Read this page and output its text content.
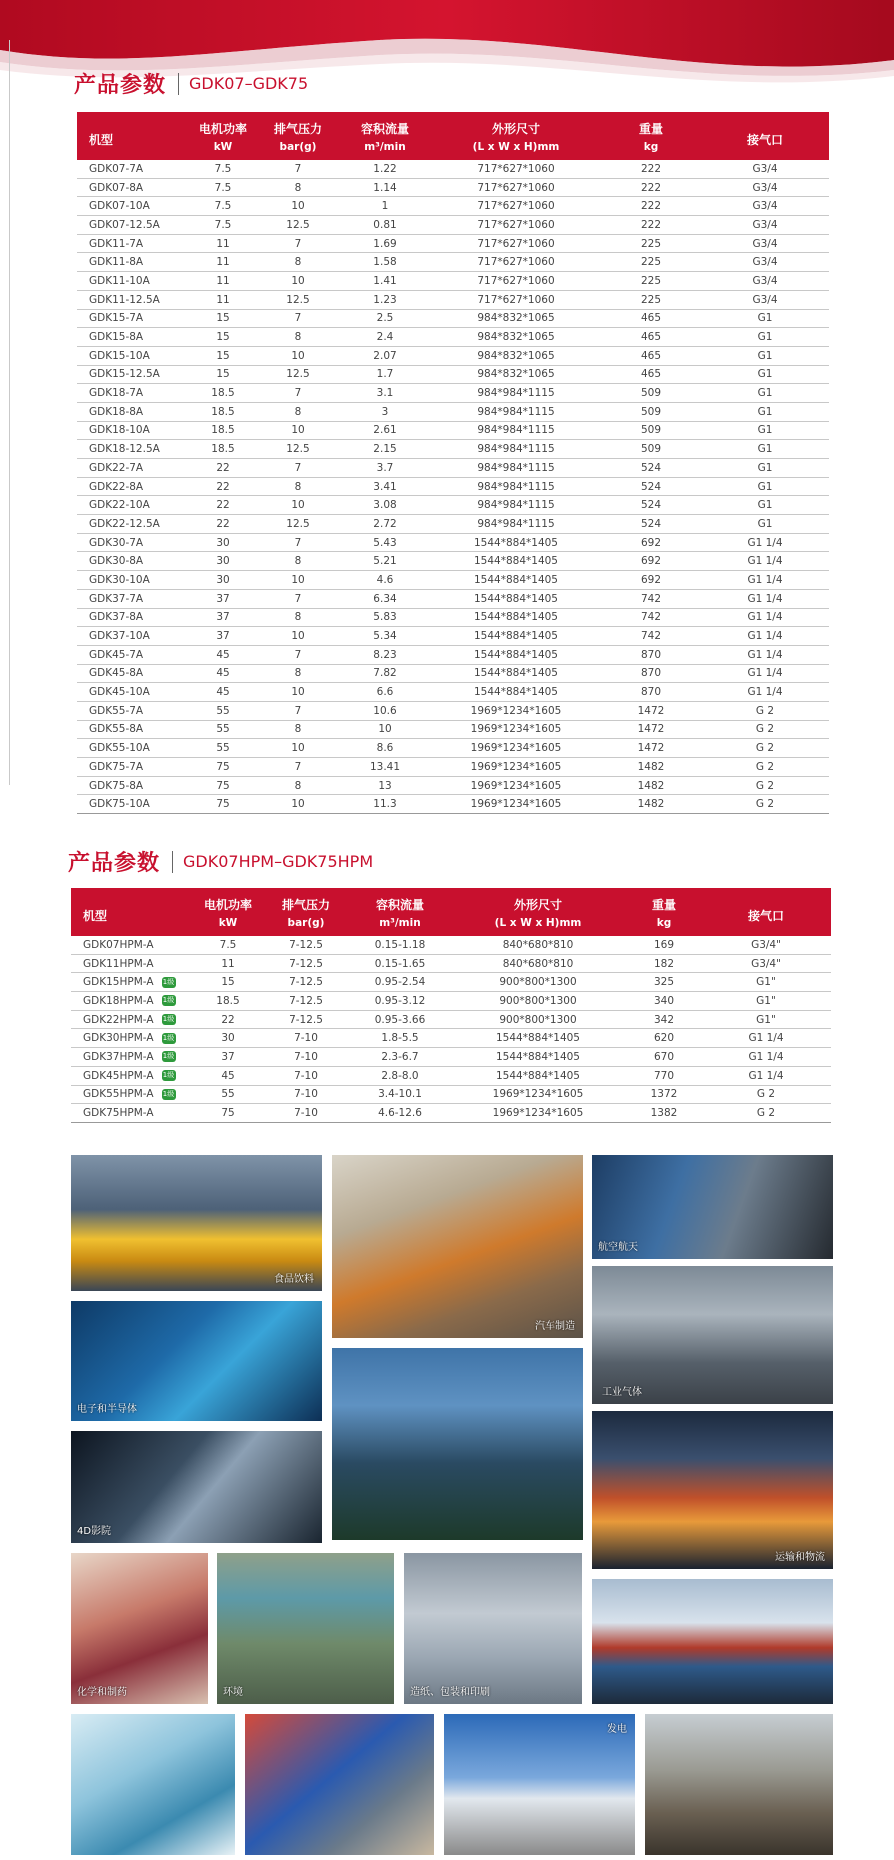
产品参数 GDK07–GDK75
机型	电机功率	排气压力	容积流量	外形尺寸	重量	接气口
	kW	bar(g)	m³/min	(L x W x H)mm	kg	
GDK07-7A	7.5	7	1.22	717*627*1060	222	G3/4
GDK07-8A	7.5	8	1.14	717*627*1060	222	G3/4
GDK07-10A	7.5	10	1	717*627*1060	222	G3/4
GDK07-12.5A	7.5	12.5	0.81	717*627*1060	222	G3/4
GDK11-7A	11	7	1.69	717*627*1060	225	G3/4
GDK11-8A	11	8	1.58	717*627*1060	225	G3/4
GDK11-10A	11	10	1.41	717*627*1060	225	G3/4
GDK11-12.5A	11	12.5	1.23	717*627*1060	225	G3/4
GDK15-7A	15	7	2.5	984*832*1065	465	G1
GDK15-8A	15	8	2.4	984*832*1065	465	G1
GDK15-10A	15	10	2.07	984*832*1065	465	G1
GDK15-12.5A	15	12.5	1.7	984*832*1065	465	G1
GDK18-7A	18.5	7	3.1	984*984*1115	509	G1
GDK18-8A	18.5	8	3	984*984*1115	509	G1
GDK18-10A	18.5	10	2.61	984*984*1115	509	G1
GDK18-12.5A	18.5	12.5	2.15	984*984*1115	509	G1
GDK22-7A	22	7	3.7	984*984*1115	524	G1
GDK22-8A	22	8	3.41	984*984*1115	524	G1
GDK22-10A	22	10	3.08	984*984*1115	524	G1
GDK22-12.5A	22	12.5	2.72	984*984*1115	524	G1
GDK30-7A	30	7	5.43	1544*884*1405	692	G1 1/4
GDK30-8A	30	8	5.21	1544*884*1405	692	G1 1/4
GDK30-10A	30	10	4.6	1544*884*1405	692	G1 1/4
GDK37-7A	37	7	6.34	1544*884*1405	742	G1 1/4
GDK37-8A	37	8	5.83	1544*884*1405	742	G1 1/4
GDK37-10A	37	10	5.34	1544*884*1405	742	G1 1/4
GDK45-7A	45	7	8.23	1544*884*1405	870	G1 1/4
GDK45-8A	45	8	7.82	1544*884*1405	870	G1 1/4
GDK45-10A	45	10	6.6	1544*884*1405	870	G1 1/4
GDK55-7A	55	7	10.6	1969*1234*1605	1472	G 2
GDK55-8A	55	8	10	1969*1234*1605	1472	G 2
GDK55-10A	55	10	8.6	1969*1234*1605	1472	G 2
GDK75-7A	75	7	13.41	1969*1234*1605	1482	G 2
GDK75-8A	75	8	13	1969*1234*1605	1482	G 2
GDK75-10A	75	10	11.3	1969*1234*1605	1482	G 2
产品参数 GDK07HPM–GDK75HPM
机型	电机功率	排气压力	容积流量	外形尺寸	重量	接气口
	kW	bar(g)	m³/min	(L x W x H)mm	kg	
GDK07HPM-A	7.5	7-12.5	0.15-1.18	840*680*810	169	G3/4"
GDK11HPM-A	11	7-12.5	0.15-1.65	840*680*810	182	G3/4"
GDK15HPM-A 1级	15	7-12.5	0.95-2.54	900*800*1300	325	G1"
GDK18HPM-A 1级	18.5	7-12.5	0.95-3.12	900*800*1300	340	G1"
GDK22HPM-A 1级	22	7-12.5	0.95-3.66	900*800*1300	342	G1"
GDK30HPM-A 1级	30	7-10	1.8-5.5	1544*884*1405	620	G1 1/4
GDK37HPM-A 1级	37	7-10	2.3-6.7	1544*884*1405	670	G1 1/4
GDK45HPM-A 1级	45	7-10	2.8-8.0	1544*884*1405	770	G1 1/4
GDK55HPM-A 1级	55	7-10	3.4-10.1	1969*1234*1605	1372	G 2
GDK75HPM-A	75	7-10	4.6-12.6	1969*1234*1605	1382	G 2
食品饮料
汽车制造
航空航天
工业气体
电子和半导体
运输和物流
4D影院
化学和制药	环境	造纸、包装和印刷
发电
